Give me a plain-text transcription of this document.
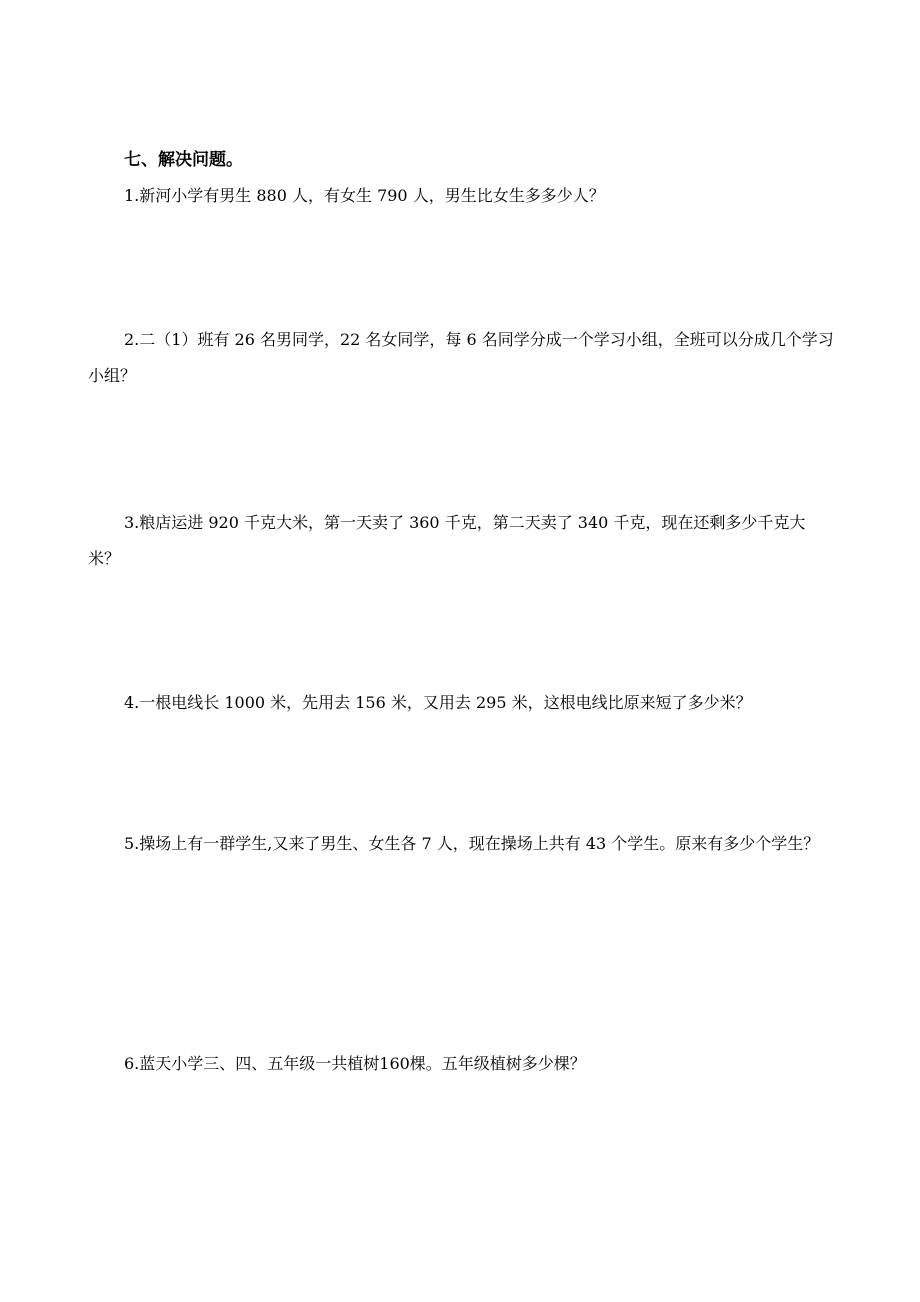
七、解决问题。

1.新河小学有男生 880 人，有女生 790 人，男生比女生多多少人？

2.二（1）班有 26 名男同学，22 名女同学，每 6 名同学分成一个学习小组，全班可以分成几个学习小组？

3.粮店运进 920 千克大米，第一天卖了 360 千克，第二天卖了 340 千克，现在还剩多少千克大米？

4.一根电线长 1000 米，先用去 156 米，又用去 295 米，这根电线比原来短了多少米？

5.操场上有一群学生,又来了男生、女生各 7 人，现在操场上共有 43 个学生。原来有多少个学生？

6.蓝天小学三、四、五年级一共植树160棵。五年级植树多少棵？
